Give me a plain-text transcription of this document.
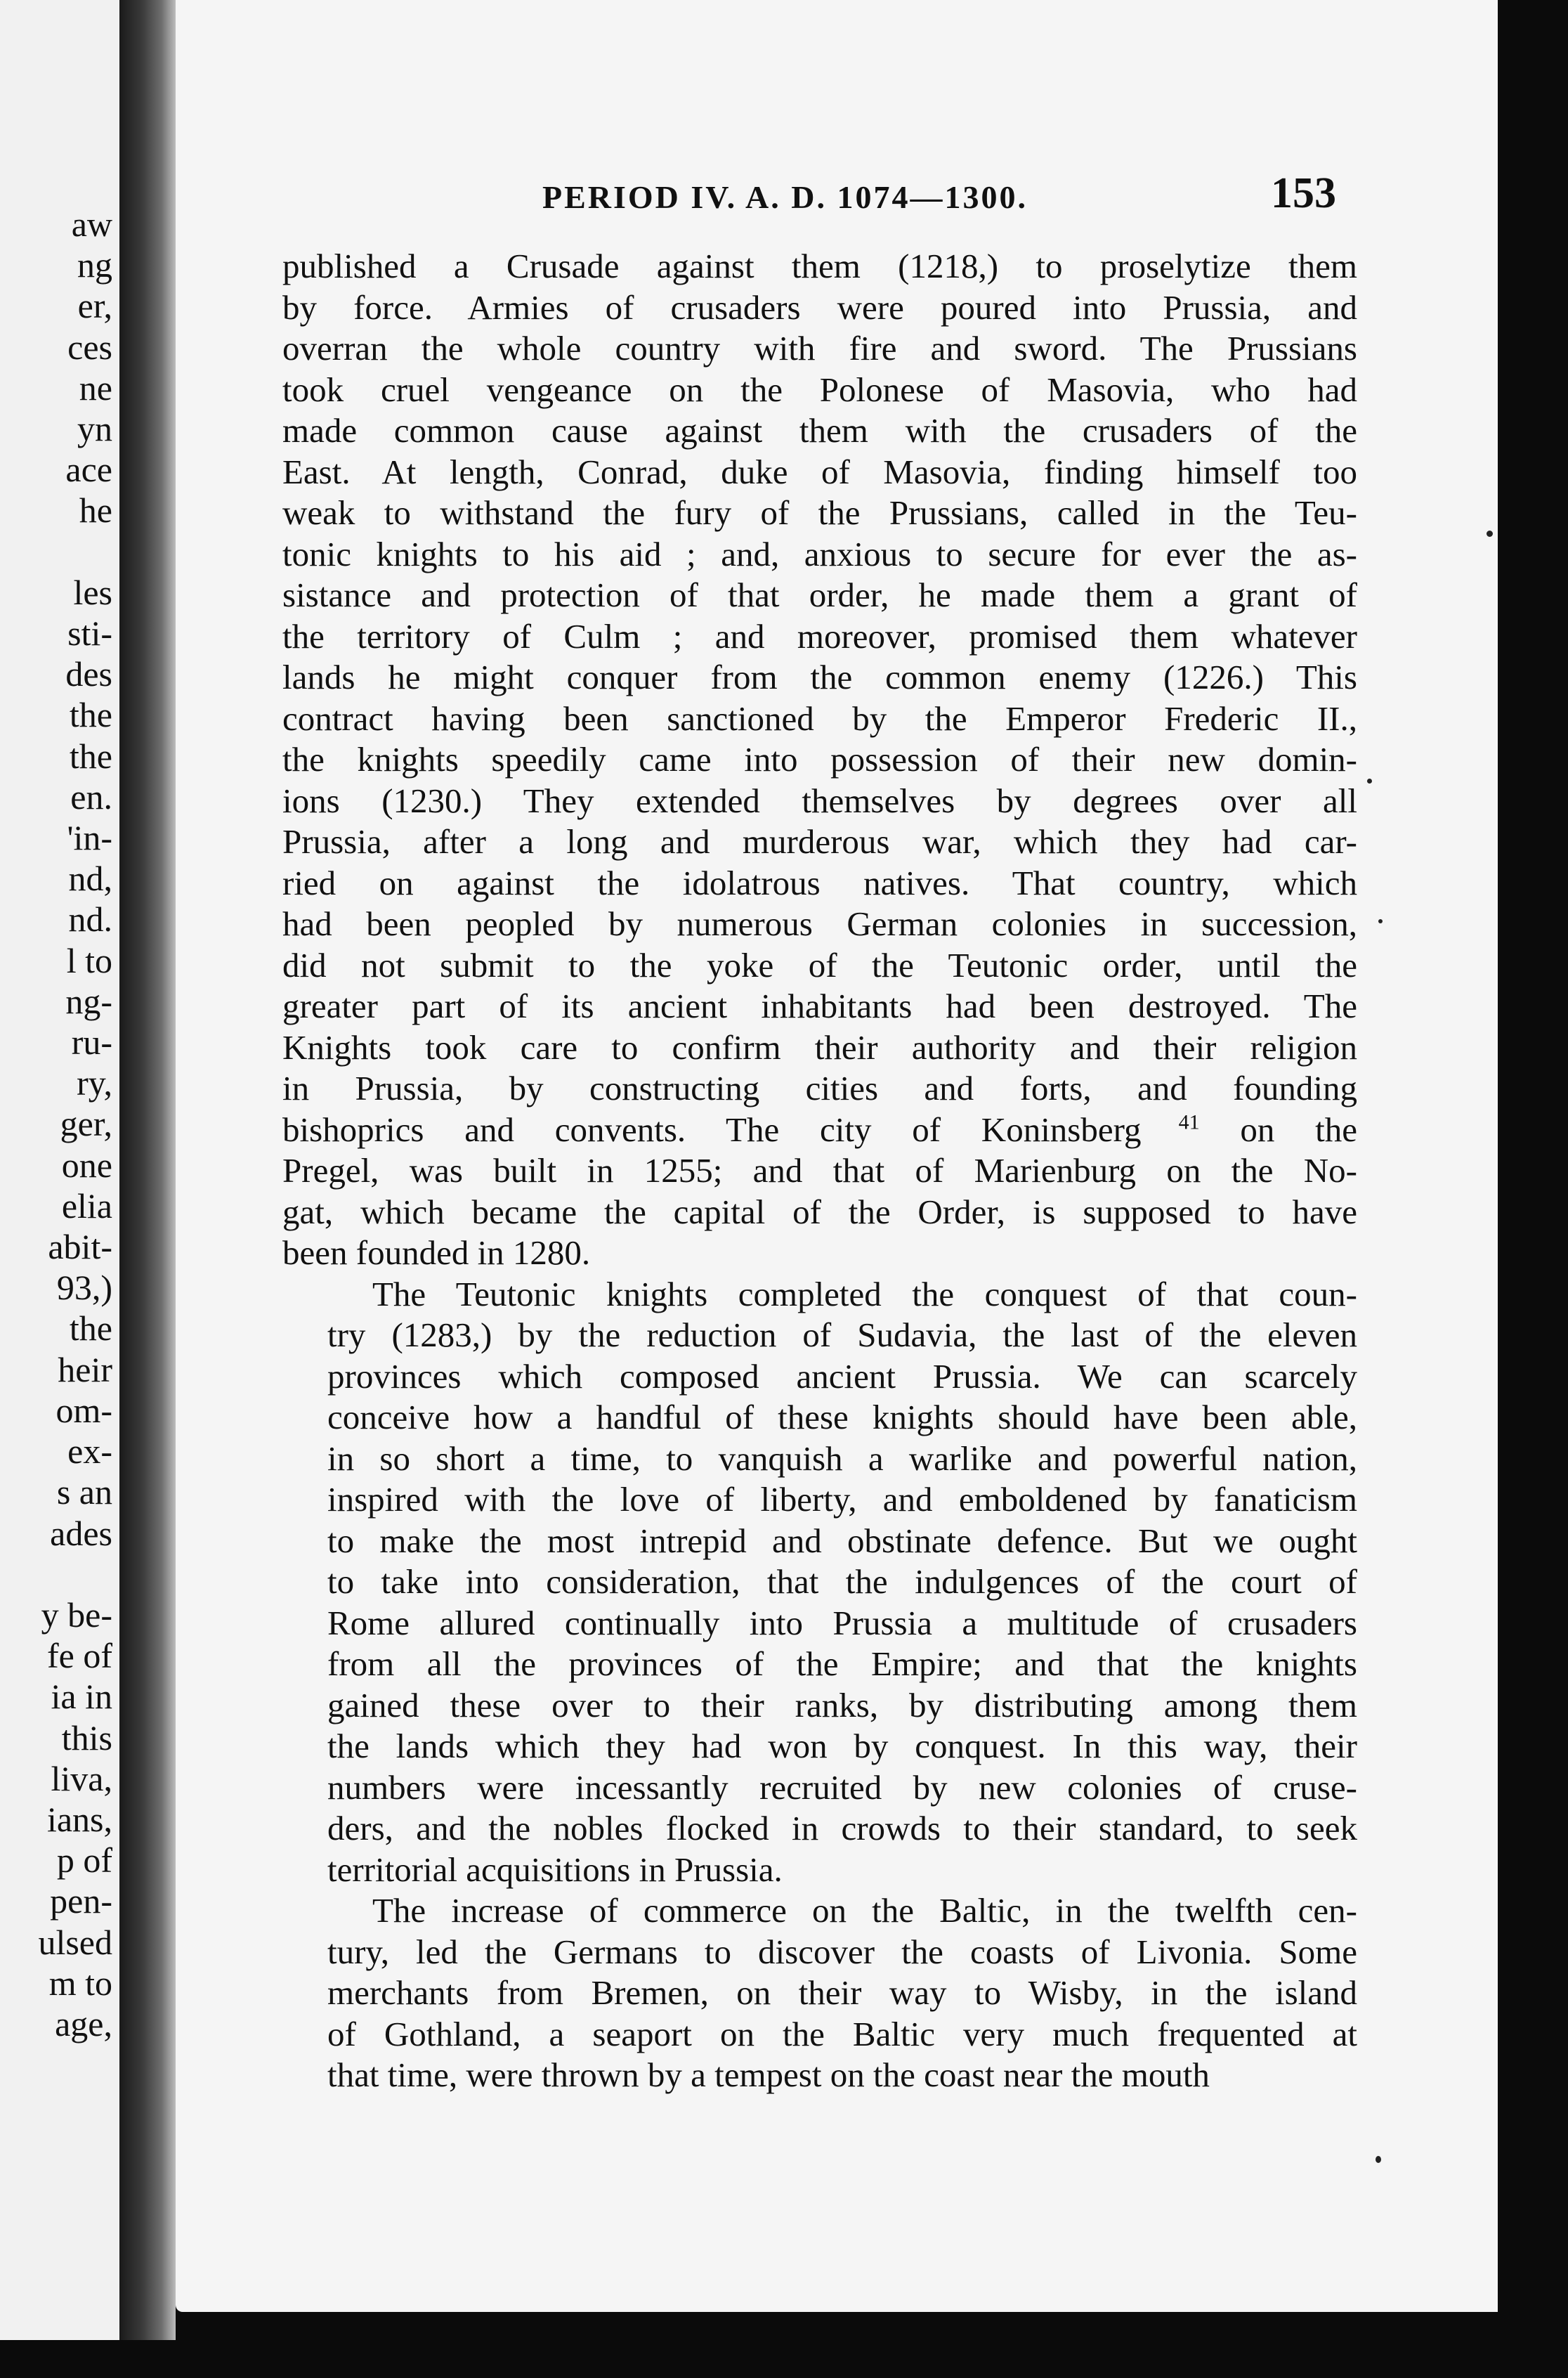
aw
ng
er,
ces
ne
yn
ace
he

les
sti-
des
the
the
en.
'in-
nd,
nd.
l to
ng-
ru-
ry,
ger,
one
elia
abit-
93,)
the
heir
om-
ex-
s an
ades

y be-
fe of
ia in
this
liva,
ians,
p of
pen-
ulsed
m to
age,
PERIOD IV. A. D. 1074—1300.	153
published a Crusade against them (1218,) to proselytize them
by force. Armies of crusaders were poured into Prussia, and
overran the whole country with fire and sword. The Prussians
took cruel vengeance on the Polonese of Masovia, who had
made common cause against them with the crusaders of the
East. At length, Conrad, duke of Masovia, finding himself too
weak to withstand the fury of the Prussians, called in the Teu-
tonic knights to his aid ; and, anxious to secure for ever the as-
sistance and protection of that order, he made them a grant of
the territory of Culm ; and moreover, promised them whatever
lands he might conquer from the common enemy (1226.) This
contract having been sanctioned by the Emperor Frederic II.,
the knights speedily came into possession of their new domin-
ions (1230.) They extended themselves by degrees over all
Prussia, after a long and murderous war, which they had car-
ried on against the idolatrous natives. That country, which
had been peopled by numerous German colonies in succession,
did not submit to the yoke of the Teutonic order, until the
greater part of its ancient inhabitants had been destroyed. The
Knights took care to confirm their authority and their religion
in Prussia, by constructing cities and forts, and founding
bishoprics and convents. The city of Koninsberg $^{41}$ on the
Pregel, was built in 1255; and that of Marienburg on the No-
gat, which became the capital of the Order, is supposed to have
been founded in 1280.
The Teutonic knights completed the conquest of that coun-
try (1283,) by the reduction of Sudavia, the last of the eleven
provinces which composed ancient Prussia. We can scarcely
conceive how a handful of these knights should have been able,
in so short a time, to vanquish a warlike and powerful nation,
inspired with the love of liberty, and emboldened by fanaticism
to make the most intrepid and obstinate defence. But we ought
to take into consideration, that the indulgences of the court of
Rome allured continually into Prussia a multitude of crusaders
from all the provinces of the Empire; and that the knights
gained these over to their ranks, by distributing among them
the lands which they had won by conquest. In this way, their
numbers were incessantly recruited by new colonies of cruse-
ders, and the nobles flocked in crowds to their standard, to seek
territorial acquisitions in Prussia.
The increase of commerce on the Baltic, in the twelfth cen-
tury, led the Germans to discover the coasts of Livonia. Some
merchants from Bremen, on their way to Wisby, in the island
of Gothland, a seaport on the Baltic very much frequented at
that time, were thrown by a tempest on the coast near the mouth
